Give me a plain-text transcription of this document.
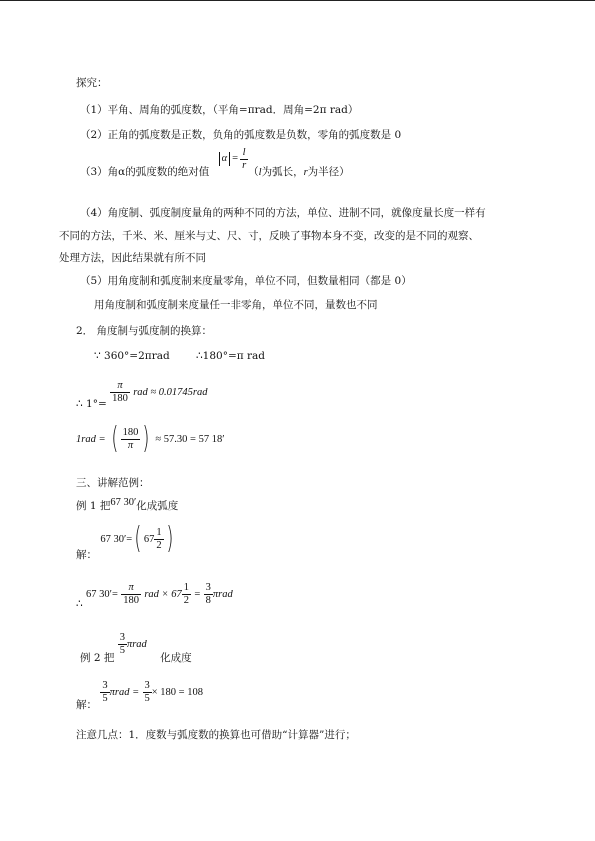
探究：
（1）平角、周角的弧度数，（平角=πrad．周角=2π rad）
（2）正角的弧度数是正数，负角的弧度数是负数，零角的弧度数是 0
（3）角α的弧度数的绝对值
$\alpha = \frac{l}{r}$
（l为弧长，r为半径）
（4）角度制、弧度制度量角的两种不同的方法，单位、进制不同，就像度量长度一样有
不同的方法，千米、米、厘米与丈、尺、寸，反映了事物本身不变，改变的是不同的观察、
处理方法，因此结果就有所不同
（5）用角度制和弧度制来度量零角，单位不同，但数量相同（都是 0）
用角度制和弧度制来度量任一非零角，单位不同，量数也不同
2． 角度制与弧度制的换算：
∵ 360°=2πrad	∴180°=π rad
∴ $1^\circ= \frac{\pi}{180}$ rad ≈ 0.01745rad
1rad = ( $\frac{180}{\pi}$ ) ≈ 57.30 = 57 18′
三、讲解范例：
例 1 把67 30′化成弧度
解： 67 30′=( $67 \frac{1}{2}$ )
∴ 67 $30'= \frac{\pi}{180}$ rad × $67 \frac{1}{2} = \frac{3}{8}$ πrad
例 2 把
$\frac{3}{5}$ πrad 化成度
解：
$\frac{3}{5}$ $\pi rad = \frac{3}{5} \times 180 = 108$
注意几点：1．度数与弧度数的换算也可借助“计算器”进行；
